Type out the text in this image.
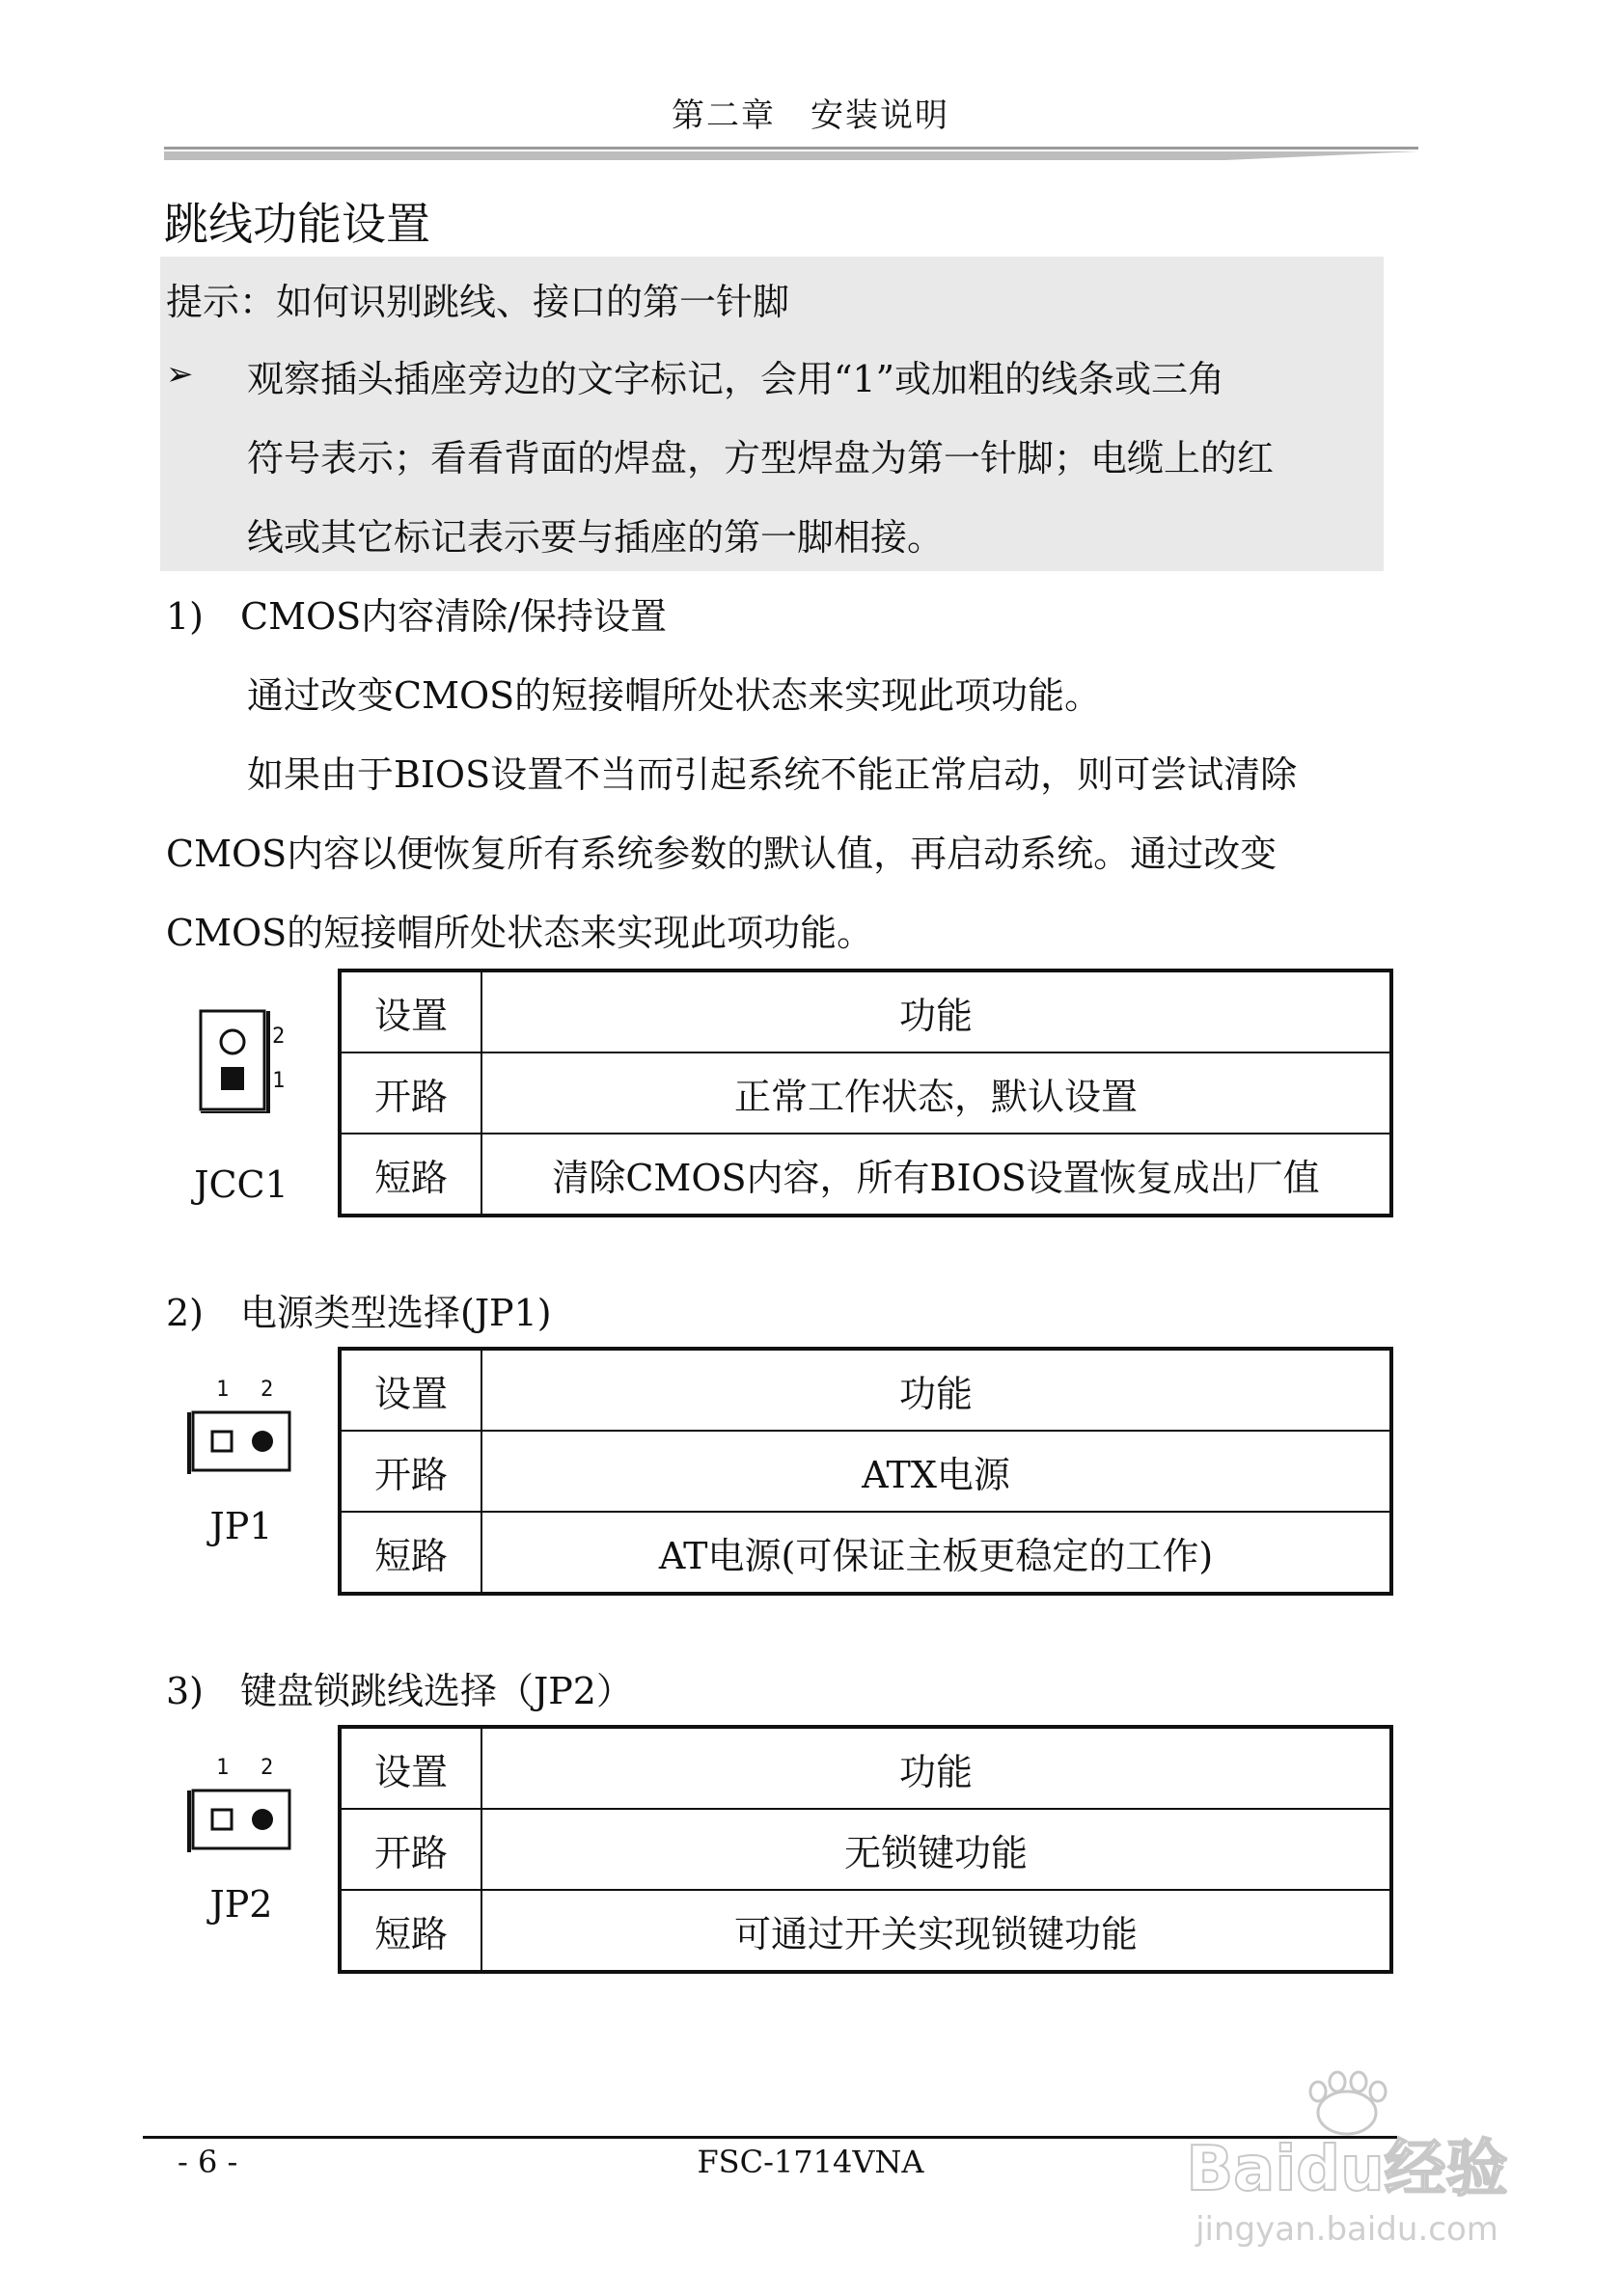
第二章　安装说明
跳线功能设置
提示：如何识别跳线、接口的第一针脚
➢ 观察插头插座旁边的文字标记，会用“1”或加粗的线条或三角
符号表示；看看背面的焊盘，方型焊盘为第一针脚；电缆上的红
线或其它标记表示要与插座的第一脚相接。
1)　CMOS内容清除/保持设置
通过改变CMOS的短接帽所处状态来实现此项功能。
如果由于BIOS设置不当而引起系统不能正常启动，则可尝试清除
CMOS内容以便恢复所有系统参数的默认值，再启动系统。通过改变
CMOS的短接帽所处状态来实现此项功能。
2
1
JCC1
设置	功能
开路	正常工作状态，默认设置
短路	清除CMOS内容，所有BIOS设置恢复成出厂值
2)　电源类型选择(JP1)
1 2
JP1
设置	功能
开路	ATX电源
短路	AT电源(可保证主板更稳定的工作)
3)　键盘锁跳线选择（JP2）
1 2
JP2
设置	功能
开路	无锁键功能
短路	可通过开关实现锁键功能
- 6 -	FSC-1714VNA	Baidu经验
jingyan.baidu.com
